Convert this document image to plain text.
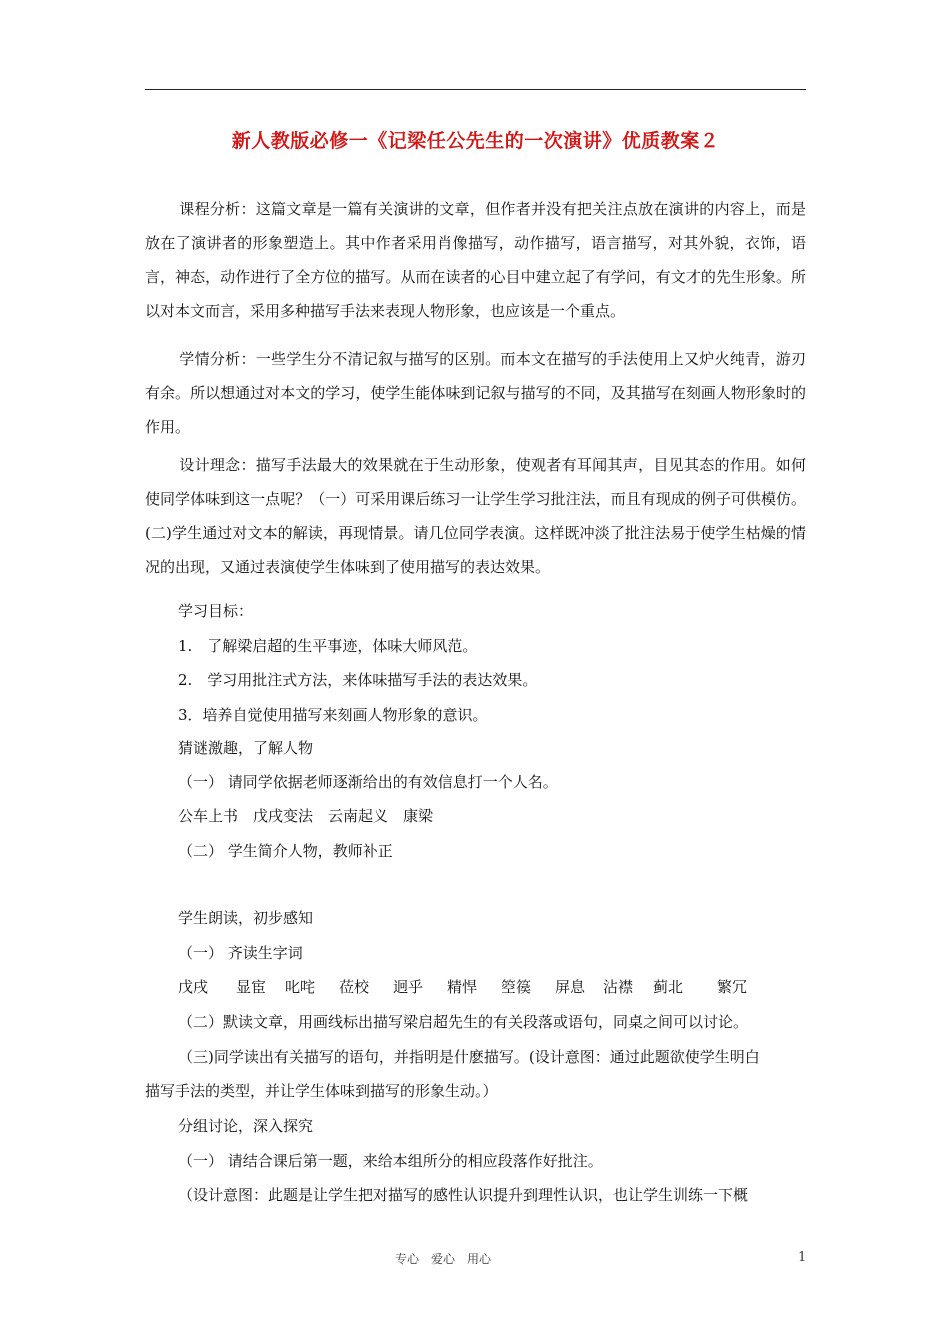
新人教版必修一《记梁任公先生的一次演讲》优质教案２
课程分析：这篇文章是一篇有关演讲的文章，但作者并没有把关注点放在演讲的内容上，而是放在了演讲者的形象塑造上。其中作者采用肖像描写，动作描写，语言描写，对其外貌，衣饰，语言，神态，动作进行了全方位的描写。从而在读者的心目中建立起了有学问，有文才的先生形象。所以对本文而言，采用多种描写手法来表现人物形象，也应该是一个重点。
学情分析：一些学生分不清记叙与描写的区别。而本文在描写的手法使用上又炉火纯青，游刃有余。所以想通过对本文的学习，使学生能体味到记叙与描写的不同，及其描写在刻画人物形象时的作用。
设计理念：描写手法最大的效果就在于生动形象，使观者有耳闻其声，目见其态的作用。如何使同学体味到这一点呢？（一）可采用课后练习一让学生学习批注法，而且有现成的例子可供模仿。(二)学生通过对文本的解读，再现情景。请几位同学表演。这样既冲淡了批注法易于使学生枯燥的情况的出现，又通过表演使学生体味到了使用描写的表达效果。
学习目标：
1.　了解梁启超的生平事迹，体味大师风范。
2.　学习用批注式方法，来体味描写手法的表达效果。
3．培养自觉使用描写来刻画人物形象的意识。
猜谜激趣，了解人物
（一） 请同学依据老师逐渐给出的有效信息打一个人名。
公车上书　戊戌变法　云南起义　康梁
（二） 学生简介人物，教师补正
学生朗读，初步感知
（一） 齐读生字词
戊戌 显宦 叱咤 莅校 迥乎 精悍 箜篌 屏息 沾襟 蓟北 繁冗
（二）默读文章，用画线标出描写梁启超先生的有关段落或语句，同桌之间可以讨论。
（三)同学读出有关描写的语句，并指明是什麽描写。(设计意图：通过此题欲使学生明白
描写手法的类型，并让学生体味到描写的形象生动。）
分组讨论，深入探究
（一） 请结合课后第一题，来给本组所分的相应段落作好批注。
（设计意图：此题是让学生把对描写的感性认识提升到理性认识，也让学生训练一下概
专心　爱心　用心	1
